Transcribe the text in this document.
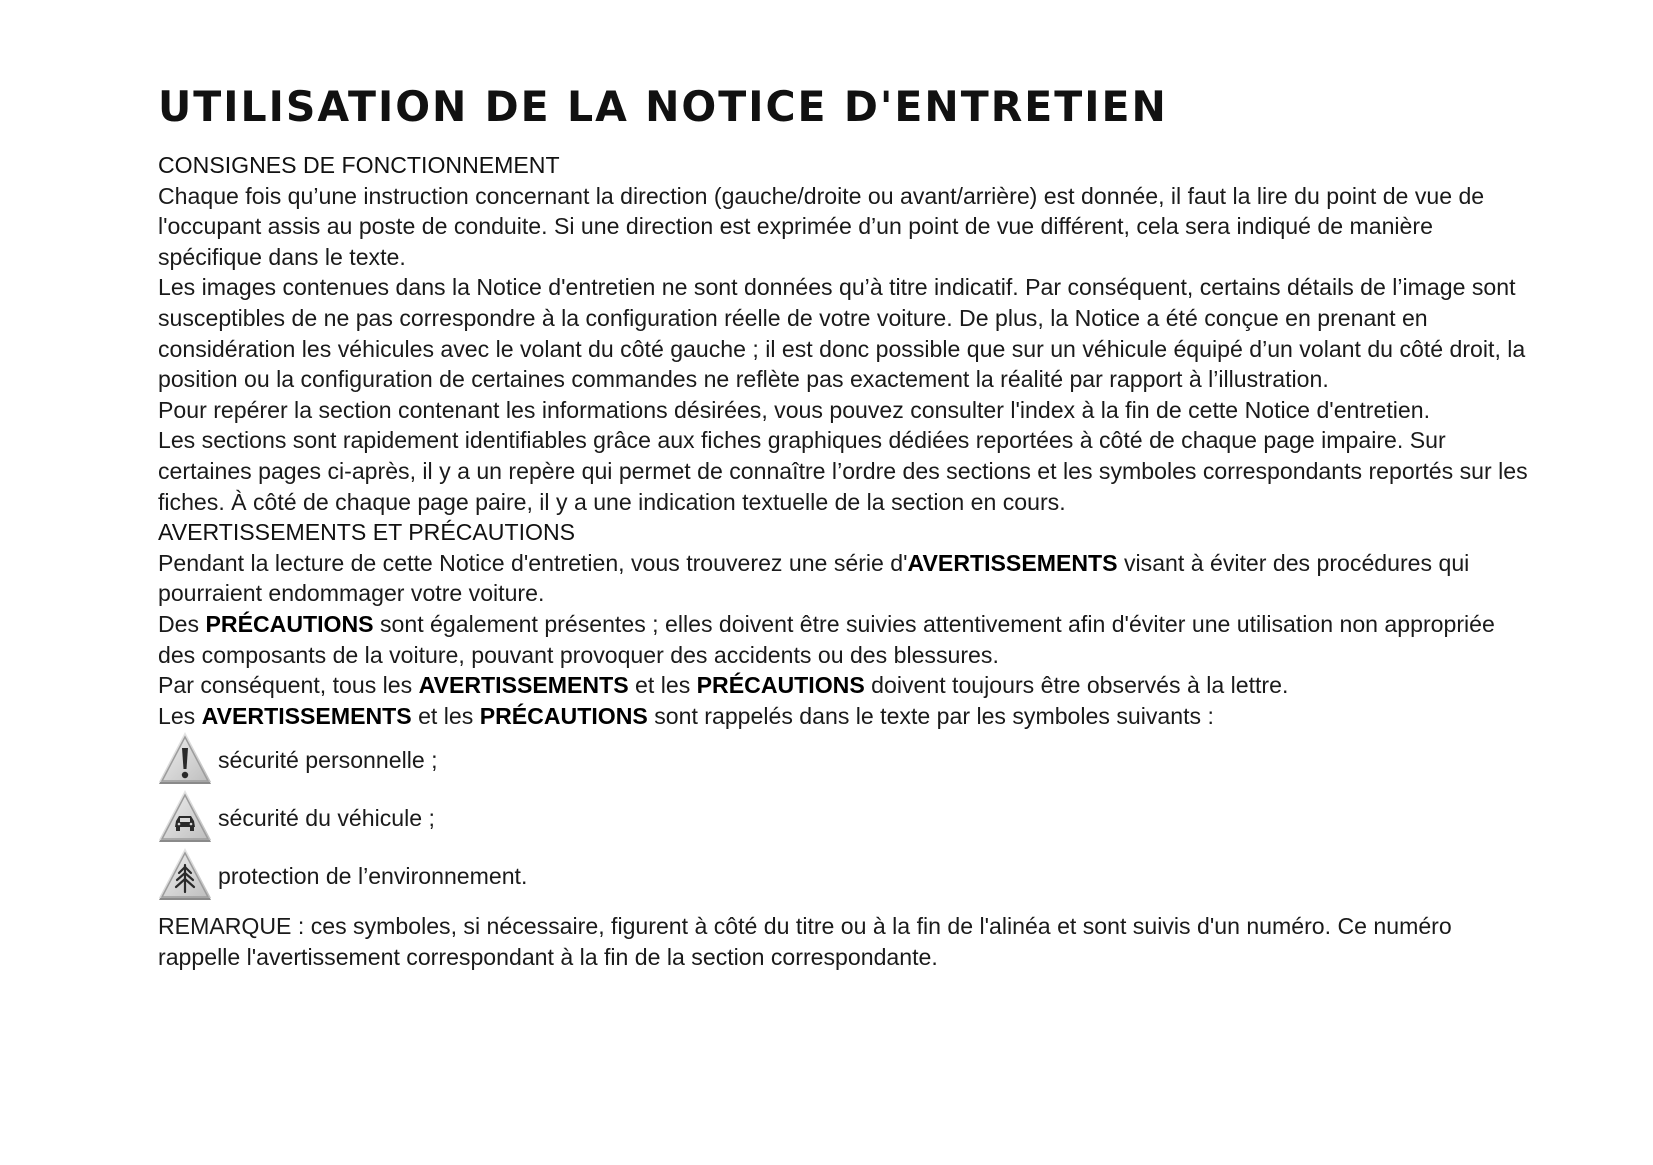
UTILISATION DE LA NOTICE D'ENTRETIEN

CONSIGNES DE FONCTIONNEMENT

Chaque fois qu’une instruction concernant la direction (gauche/droite ou avant/arrière) est donnée, il faut la lire du point de vue de l'occupant assis au poste de conduite. Si une direction est exprimée d’un point de vue différent, cela sera indiqué de manière spécifique dans le texte.

Les images contenues dans la Notice d'entretien ne sont données qu’à titre indicatif. Par conséquent, certains détails de l’image sont susceptibles de ne pas correspondre à la configuration réelle de votre voiture. De plus, la Notice a été conçue en prenant en considération les véhicules avec le volant du côté gauche ; il est donc possible que sur un véhicule équipé d’un volant du côté droit, la position ou la configuration de certaines commandes ne reflète pas exactement la réalité par rapport à l’illustration.

Pour repérer la section contenant les informations désirées, vous pouvez consulter l'index à la fin de cette Notice d'entretien.

Les sections sont rapidement identifiables grâce aux fiches graphiques dédiées reportées à côté de chaque page impaire. Sur certaines pages ci-après, il y a un repère qui permet de connaître l’ordre des sections et les symboles correspondants reportés sur les fiches. À côté de chaque page paire, il y a une indication textuelle de la section en cours.

AVERTISSEMENTS ET PRÉCAUTIONS

Pendant la lecture de cette Notice d'entretien, vous trouverez une série d'AVERTISSEMENTS visant à éviter des procédures qui pourraient endommager votre voiture.

Des PRÉCAUTIONS sont également présentes ; elles doivent être suivies attentivement afin d'éviter une utilisation non appropriée des composants de la voiture, pouvant provoquer des accidents ou des blessures.

Par conséquent, tous les AVERTISSEMENTS et les PRÉCAUTIONS doivent toujours être observés à la lettre.

Les AVERTISSEMENTS et les PRÉCAUTIONS sont rappelés dans le texte par les symboles suivants :

sécurité personnelle ;
sécurité du véhicule ;
protection de l’environnement.

REMARQUE : ces symboles, si nécessaire, figurent à côté du titre ou à la fin de l'alinéa et sont suivis d'un numéro. Ce numéro rappelle l'avertissement correspondant à la fin de la section correspondante.
